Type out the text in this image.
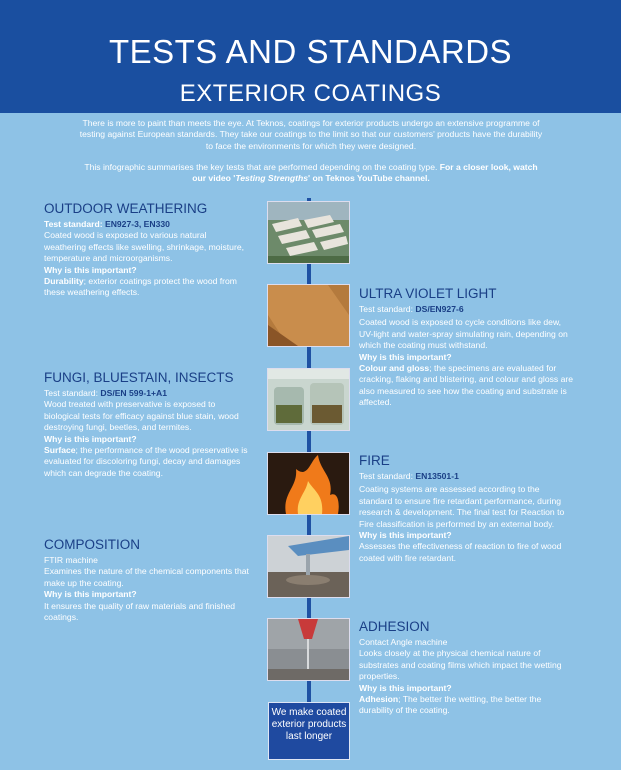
TESTS AND STANDARDS
EXTERIOR COATINGS
There is more to paint than meets the eye. At Teknos, coatings for exterior products undergo an extensive programme of testing against European standards. They take our coatings to the limit so that our customers' products have the durability to face the environments for which they were designed.
This infographic summarises the key tests that are performed depending on the coating type. For a closer look, watch our video 'Testing Strengths' on Teknos YouTube channel.
OUTDOOR WEATHERING
Test standard: EN927-3, EN330
Coated wood is exposed to various natural weathering effects like swelling, shrinkage, moisture, temperature and microorganisms.
Why is this important?
Durability; exterior coatings protect the wood from these weathering effects.	ULTRA VIOLET LIGHT
Test standard: DS/EN927-6
Coated wood is exposed to cycle conditions like dew, UV-light and water-spray simulating rain, depending on which the coating must withstand.
Why is this important?
Colour and gloss; the specimens are evaluated for cracking, flaking and blistering, and colour and gloss are also measured to see how the coating and substrate is affected.
FUNGI, BLUESTAIN, INSECTS
Test standard: DS/EN 599-1+A1
Wood treated with preservative is exposed to biological tests for efficacy against blue stain, wood destroying fungi, beetles, and termites.
Why is this important?
Surface; the performance of the wood preservative is evaluated for discoloring fungi, decay and damages which can degrade the coating.
FIRE
Test standard: EN13501-1
Coating systems are assessed according to the standard to ensure fire retardant performance, during research & development. The final test for Reaction to Fire classification is performed by an external body.
Why is this important?
Assesses the effectiveness of reaction to fire of wood coated with fire retardant.
COMPOSITION
FTIR machine
Examines the nature of the chemical components that make up the coating.
Why is this important?
It ensures the quality of raw materials and finished coatings.
ADHESION
Contact Angle machine
Looks closely at the physical chemical nature of substrates and coating films which impact the wetting properties.
Why is this important?
Adhesion; The better the wetting, the better the durability of the coating.
We make coated exterior products last longer
